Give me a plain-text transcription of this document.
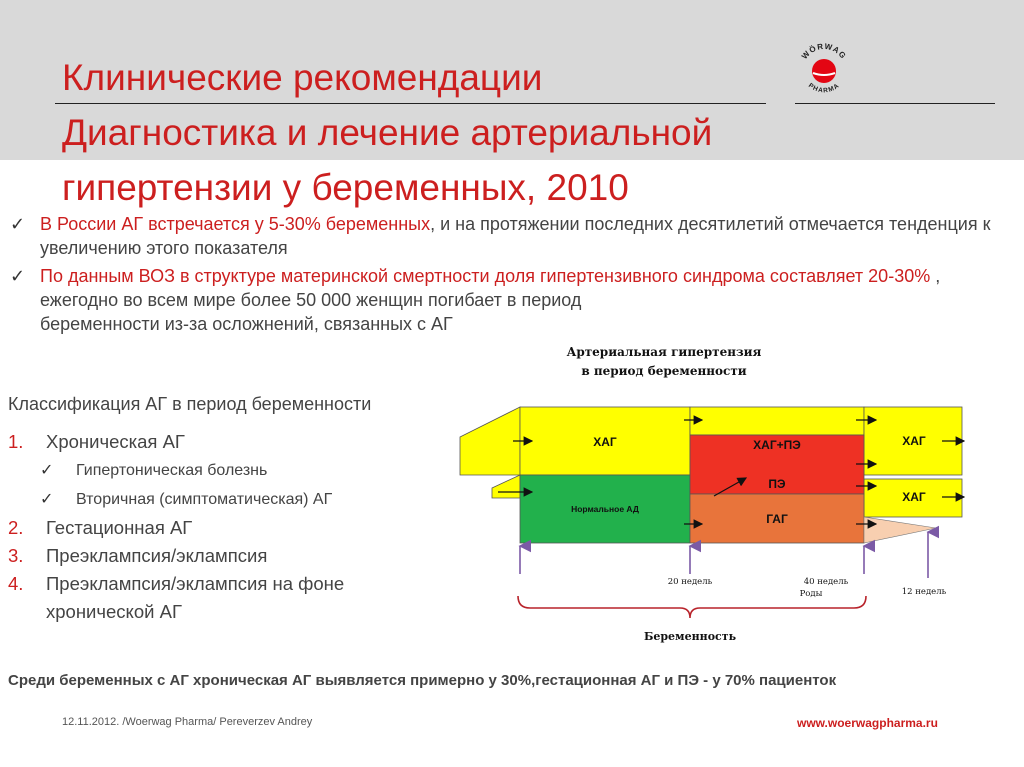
Клинические рекомендации
Диагностика и лечение артериальной
гипертензии у беременных, 2010
WÖRWAG
PHARMA
✓ В России АГ встречается у 5-30% беременных, и на протяжении последних десятилетий отмечается тенденция к увеличению этого показателя
✓ По данным ВОЗ в структуре материнской смертности доля гипертензивного синдрома составляет 20-30% , ежегодно во всем мире более 50 000 женщин погибает в период
беременности из-за осложнений, связанных с АГ

Классификация АГ в период беременности

1.	Хроническая АГ
✓	Гипертоническая болезнь
✓	Вторичная (симптоматическая) АГ
2.	Гестационная АГ
3.	Преэклампсия/эклампсия
4.	Преэклампсия/эклампсия на фоне
хронической АГ
Артериальная гипертензия
в период беременности
ХАГ	ХАГ+ПЭ
ПЭ
Нормальное АД
ГАГ
ХАГ
ХАГ
20 недель	40 недель
Роды	12 недель
Беременность

Среди беременных с АГ хроническая АГ выявляется примерно у 30%,гестационная АГ и ПЭ - у 70% пациенток

12.11.2012. /Woerwag Pharma/ Pereverzev Andrey	www.woerwagpharma.ru
